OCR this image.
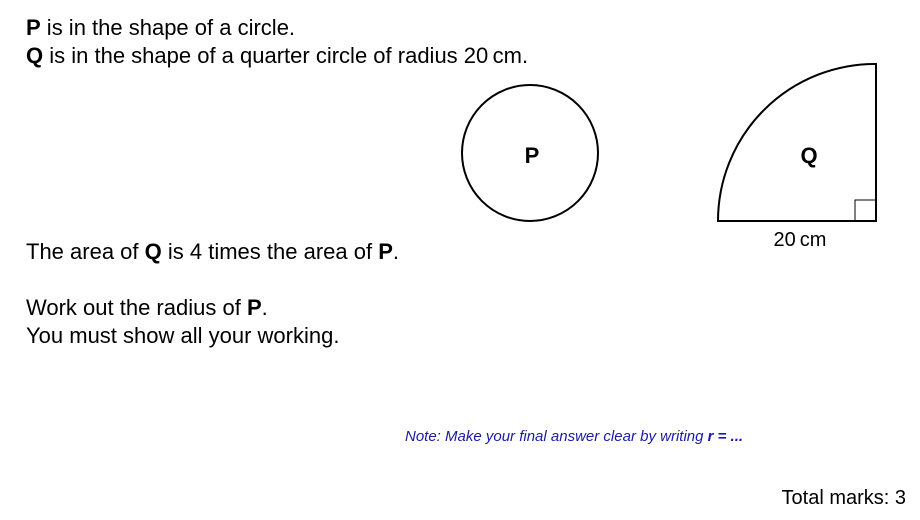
P is in the shape of a circle.
Q is in the shape of a quarter circle of radius 20 cm.
P	Q
20 cm
The area of Q is 4 times the area of P.
Work out the radius of P.
You must show all your working.
Note: Make your final answer clear by writing r = ...
Total marks: 3
